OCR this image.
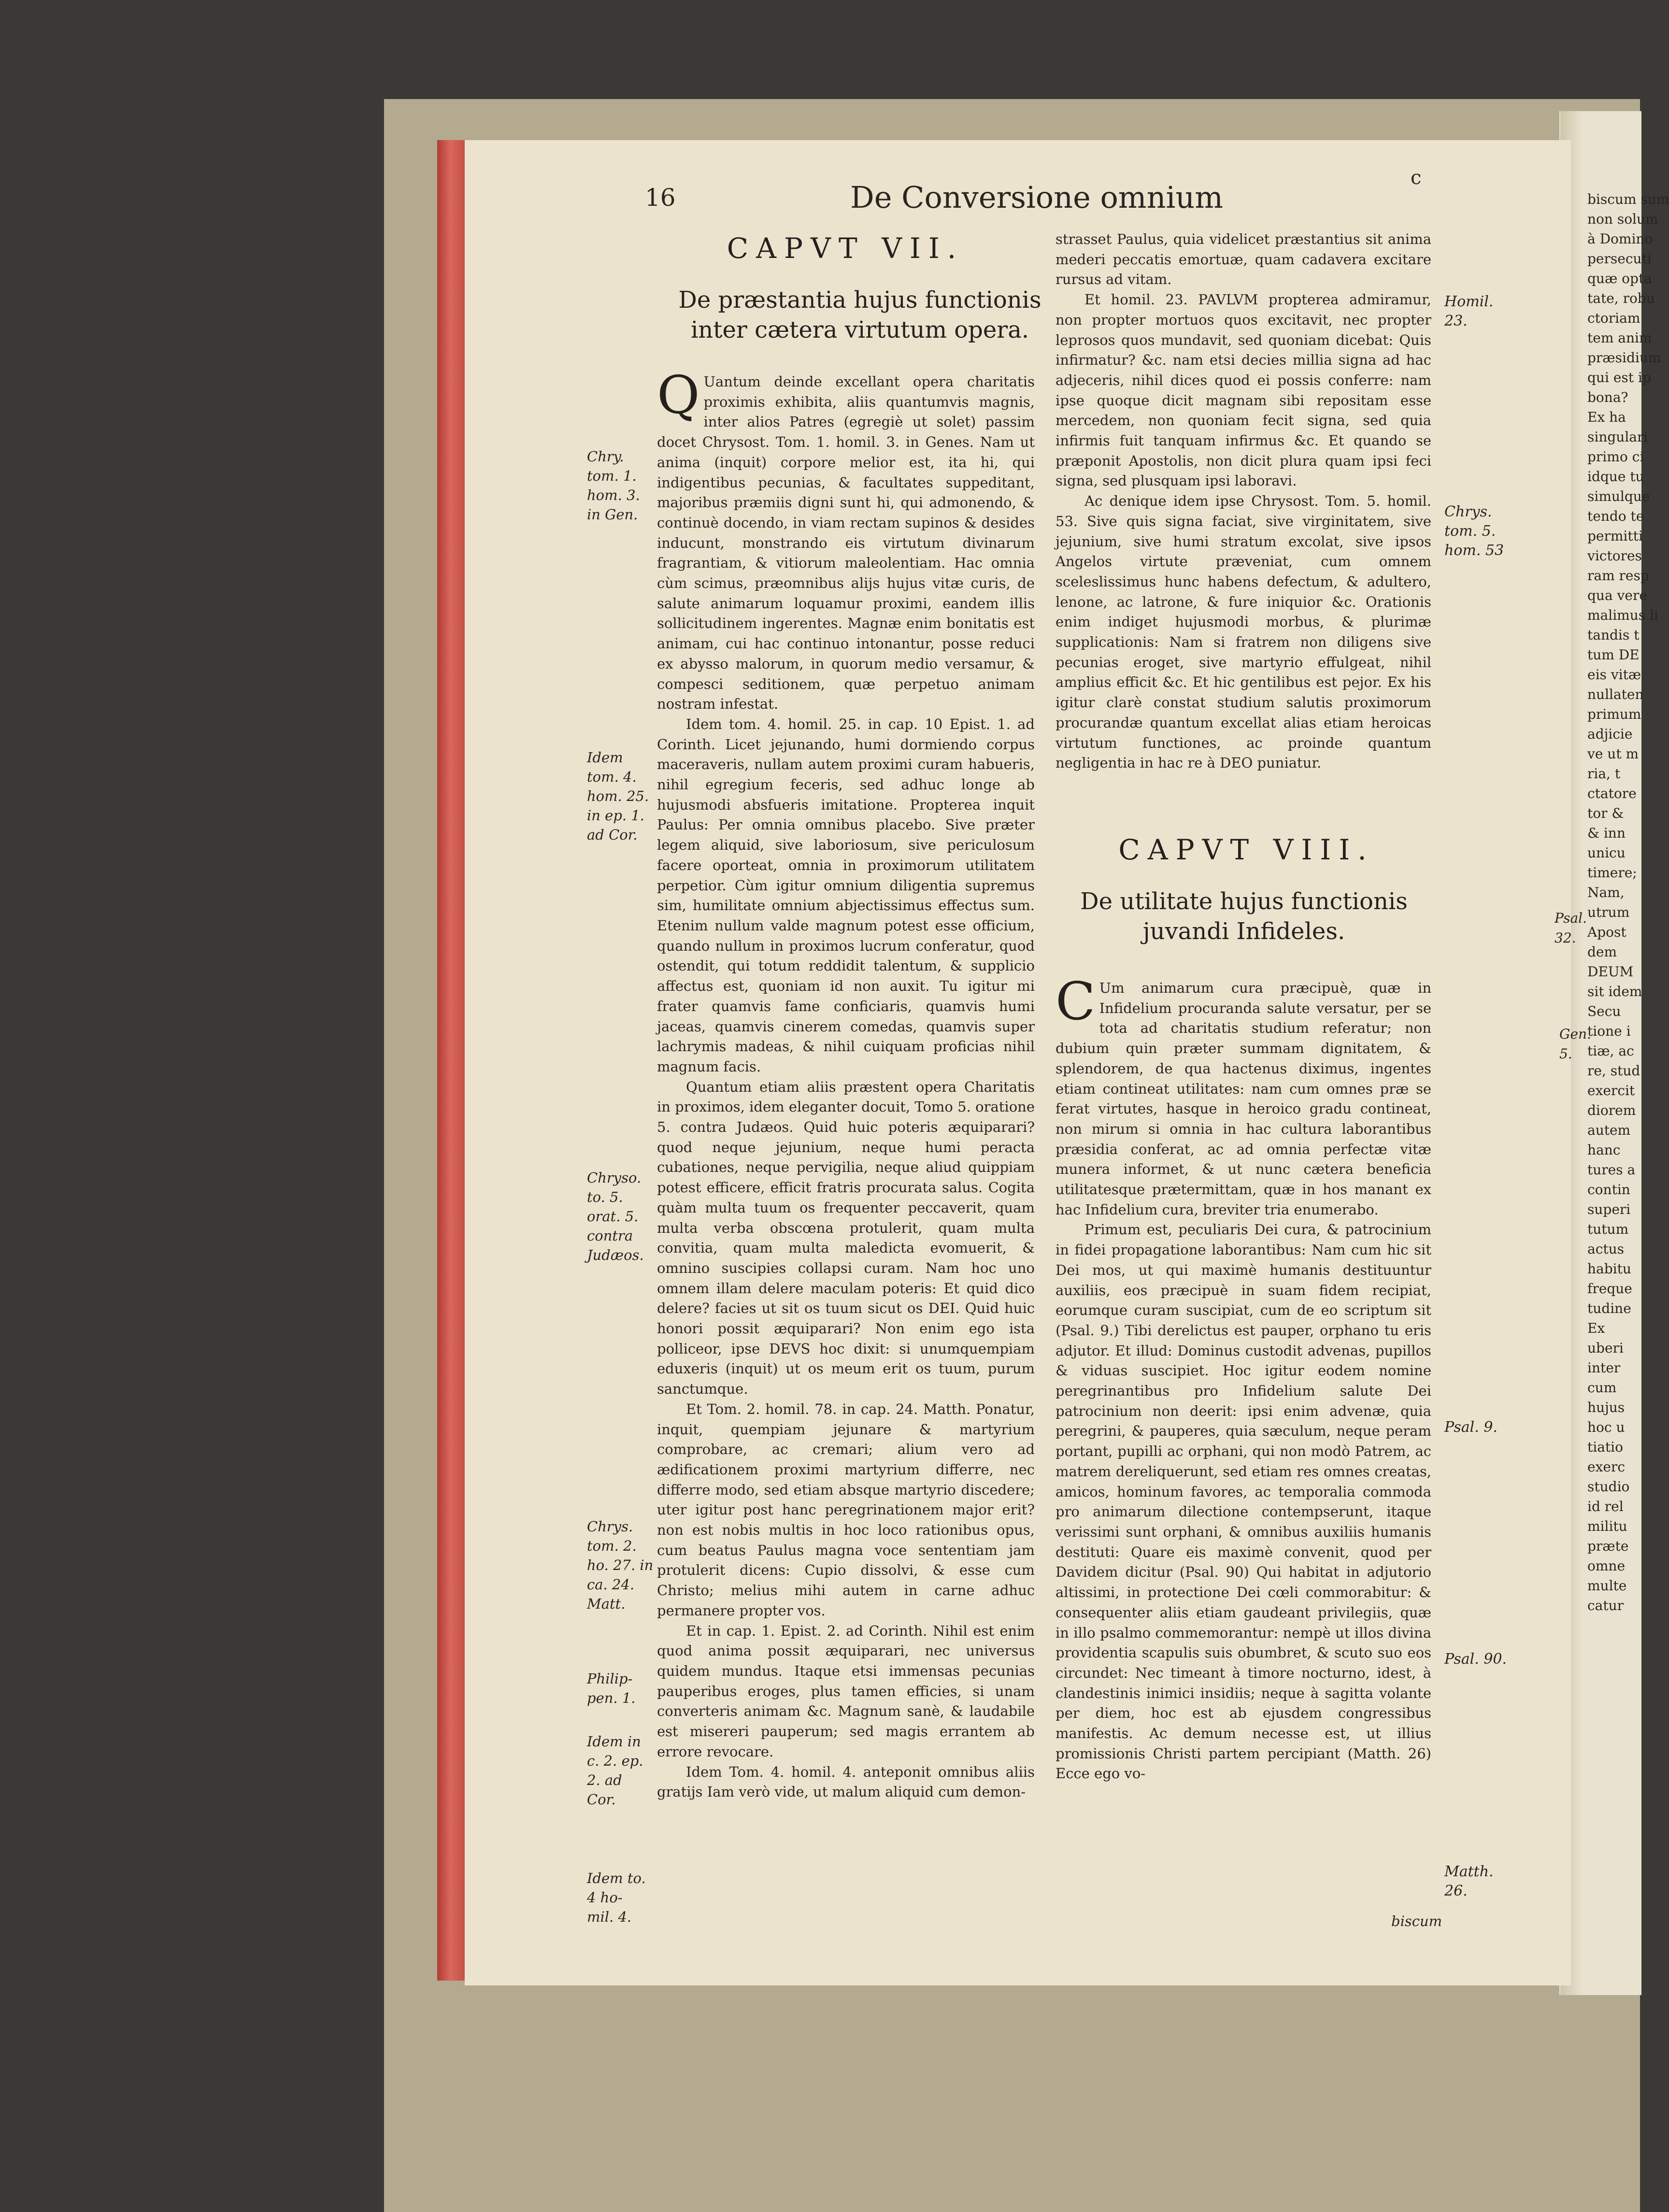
16	De Conversione omnium
c
CAPVT VII.
De præstantia hujus functionis inter cætera virtutum opera.

Q Uantum deinde excellant opera charitatis proximis exhibita, aliis quantumvis magnis, inter alios Patres (egregiè ut solet) passim docet Chrysost. Tom. 1. homil. 3. in Genes. Nam ut anima (inquit) corpore melior est, ita hi, qui indigentibus pecunias, & facultates suppeditant, majoribus præmiis digni sunt hi, qui admonendo, & continuè docendo, in viam rectam supinos & desides inducunt, monstrando eis virtutum divinarum fragrantiam, & vitiorum maleolentiam. Hac omnia cùm scimus, præomnibus alijs hujus vitæ curis, de salute animarum loquamur proximi, eandem illis sollicitudinem ingerentes. Magnæ enim bonitatis est animam, cui hac continuo intonantur, posse reduci ex abysso malorum, in quorum medio versamur, & compesci seditionem, quæ perpetuo animam nostram infestat.

Idem tom. 4. homil. 25. in cap. 10 Epist. 1. ad Corinth. Licet jejunando, humi dormiendo corpus maceraveris, nullam autem proximi curam habueris, nihil egregium feceris, sed adhuc longe ab hujusmodi absfueris imitatione. Propterea inquit Paulus: Per omnia omnibus placebo. Sive præter legem aliquid, sive laboriosum, sive periculosum facere oporteat, omnia in proximorum utilitatem perpetior. Cùm igitur omnium diligentia supremus sim, humilitate omnium abjectissimus effectus sum. Etenim nullum valde magnum potest esse officium, quando nullum in proximos lucrum conferatur, quod ostendit, qui totum reddidit talentum, & supplicio affectus est, quoniam id non auxit. Tu igitur mi frater quamvis fame conficiaris, quamvis humi jaceas, quamvis cinerem comedas, quamvis super lachrymis madeas, & nihil cuiquam proficias nihil magnum facis.

Quantum etiam aliis præstent opera Charitatis in proximos, idem eleganter docuit, Tomo 5. oratione 5. contra Judæos. Quid huic poteris æquiparari? quod neque jejunium, neque humi peracta cubationes, neque pervigilia, neque aliud quippiam potest efficere, efficit fratris procurata salus. Cogita quàm multa tuum os frequenter peccaverit, quam multa verba obscœna protulerit, quam multa convitia, quam multa maledicta evomuerit, & omnino suscipies collapsi curam. Nam hoc uno omnem illam delere maculam poteris: Et quid dico delere? facies ut sit os tuum sicut os DEI. Quid huic honori possit æquiparari? Non enim ego ista polliceor, ipse DEVS hoc dixit: si unumquempiam eduxeris (inquit) ut os meum erit os tuum, purum sanctumque.

Et Tom. 2. homil. 78. in cap. 24. Matth. Ponatur, inquit, quempiam jejunare & martyrium comprobare, ac cremari; alium vero ad ædificationem proximi martyrium differre, nec differre modo, sed etiam absque martyrio discedere; uter igitur post hanc peregrinationem major erit? non est nobis multis in hoc loco rationibus opus, cum beatus Paulus magna voce sententiam jam protulerit dicens: Cupio dissolvi, & esse cum Christo; melius mihi autem in carne adhuc permanere propter vos.

Et in cap. 1. Epist. 2. ad Corinth. Nihil est enim quod anima possit æquiparari, nec universus quidem mundus. Itaque etsi immensas pecunias pauperibus eroges, plus tamen efficies, si unam converteris animam &c. Magnum sanè, & laudabile est misereri pauperum; sed magis errantem ab errore revocare.

Idem Tom. 4. homil. 4. anteponit omnibus aliis gratijs Iam verò vide, ut malum aliquid cum demon-

Chry.
tom. 1.
hom. 3.
in Gen.
Idem
tom. 4.
hom. 25.
in ep. 1.
ad Cor.
Chryso.
to. 5.
orat. 5.
contra
Judæos.
Chrys.
tom. 2.
ho. 27. in
ca. 24.
Matt.
Philip-
pen. 1.
Idem in
c. 2. ep.
2. ad
Cor.
Idem to.
4 ho-
mil. 4.

strasset Paulus, quia videlicet præstantius sit anima mederi peccatis emortuæ, quam cadavera excitare rursus ad vitam.

Et homil. 23. PAVLVM propterea admiramur, non propter mortuos quos excitavit, nec propter leprosos quos mundavit, sed quoniam dicebat: Quis infirmatur? &c. nam etsi decies millia signa ad hac adjeceris, nihil dices quod ei possis conferre: nam ipse quoque dicit magnam sibi repositam esse mercedem, non quoniam fecit signa, sed quia infirmis fuit tanquam infirmus &c. Et quando se præponit Apostolis, non dicit plura quam ipsi feci signa, sed plusquam ipsi laboravi.

Ac denique idem ipse Chrysost. Tom. 5. homil. 53. Sive quis signa faciat, sive virginitatem, sive jejunium, sive humi stratum excolat, sive ipsos Angelos virtute præveniat, cum omnem sceleslissimus hunc habens defectum, & adultero, lenone, ac latrone, & fure iniquior &c. Orationis enim indiget hujusmodi morbus, & plurimæ supplicationis: Nam si fratrem non diligens sive pecunias eroget, sive martyrio effulgeat, nihil amplius efficit &c. Et hic gentilibus est pejor. Ex his igitur clarè constat studium salutis proximorum procurandæ quantum excellat alias etiam heroicas virtutum functiones, ac proinde quantum negligentia in hac re à DEO puniatur.

CAPVT VIII.
De utilitate hujus functionis juvandi Infideles.

C Um animarum cura præcipuè, quæ in Infidelium procuranda salute versatur, per se tota ad charitatis studium referatur; non dubium quin præter summam dignitatem, & splendorem, de qua hactenus diximus, ingentes etiam contineat utilitates: nam cum omnes præ se ferat virtutes, hasque in heroico gradu contineat, non mirum si omnia in hac cultura laborantibus præsidia conferat, ac ad omnia perfectæ vitæ munera informet, & ut nunc cætera beneficia utilitatesque prætermittam, quæ in hos manant ex hac Infidelium cura, breviter tria enumerabo.

Primum est, peculiaris Dei cura, & patrocinium in fidei propagatione laborantibus: Nam cum hic sit Dei mos, ut qui maximè humanis destituuntur auxiliis, eos præcipuè in suam fidem recipiat, eorumque curam suscipiat, cum de eo scriptum sit (Psal. 9.) Tibi derelictus est pauper, orphano tu eris adjutor. Et illud: Dominus custodit advenas, pupillos & viduas suscipiet. Hoc igitur eodem nomine peregrinantibus pro Infidelium salute Dei patrocinium non deerit: ipsi enim advenæ, quia peregrini, & pauperes, quia sæculum, neque peram portant, pupilli ac orphani, qui non modò Patrem, ac matrem dereliquerunt, sed etiam res omnes creatas, amicos, hominum favores, ac temporalia commoda pro animarum dilectione contempserunt, itaque verissimi sunt orphani, & omnibus auxiliis humanis destituti: Quare eis maximè convenit, quod per Davidem dicitur (Psal. 90) Qui habitat in adjutorio altissimi, in protectione Dei cœli commorabitur: & consequenter aliis etiam gaudeant privilegiis, quæ in illo psalmo commemorantur: nempè ut illos divina providentia scapulis suis obumbret, & scuto suo eos circundet: Nec timeant à timore nocturno, idest, à clandestinis inimici insidiis; neque à sagitta volante per diem, hoc est ab ejusdem congressibus manifestis. Ac demum necesse est, ut illius promissionis Christi partem percipiant (Matth. 26) Ecce ego vo-

biscum
Homil.
23.
Chrys.
tom. 5.
hom. 53
Psal. 9.
Psal. 90.
Matth.
26.
biscum sum
non solum
à Domino
persecuti
quæ opta
tate, robu
ctoriam
tem anim
præsidium
qui est ip
bona?
Ex ha
singulari
primo ci
idque tu
simulque
tendo te
permitti
victores
ram resp
qua vere
malimus li
tandis t
tum DE
eis vitæ
nullaten
primum
adjicie
ve ut m
ria, t
ctatore
tor &
& inn
unicu
timere;
Nam,
utrum
Apost
dem
DEUM
sit idem
Secu
tione i
tiæ, ac
re, stud
exercit
diorem
autem
hanc
tures a
contin
superi
tutum
actus
habitu
freque
tudine
Ex
uberi
inter
cum
hujus
hoc u
tiatio
exerc
studio
id rel
militu
præte
omne
multe
catur
Psal. 32.
Gen. 5.
